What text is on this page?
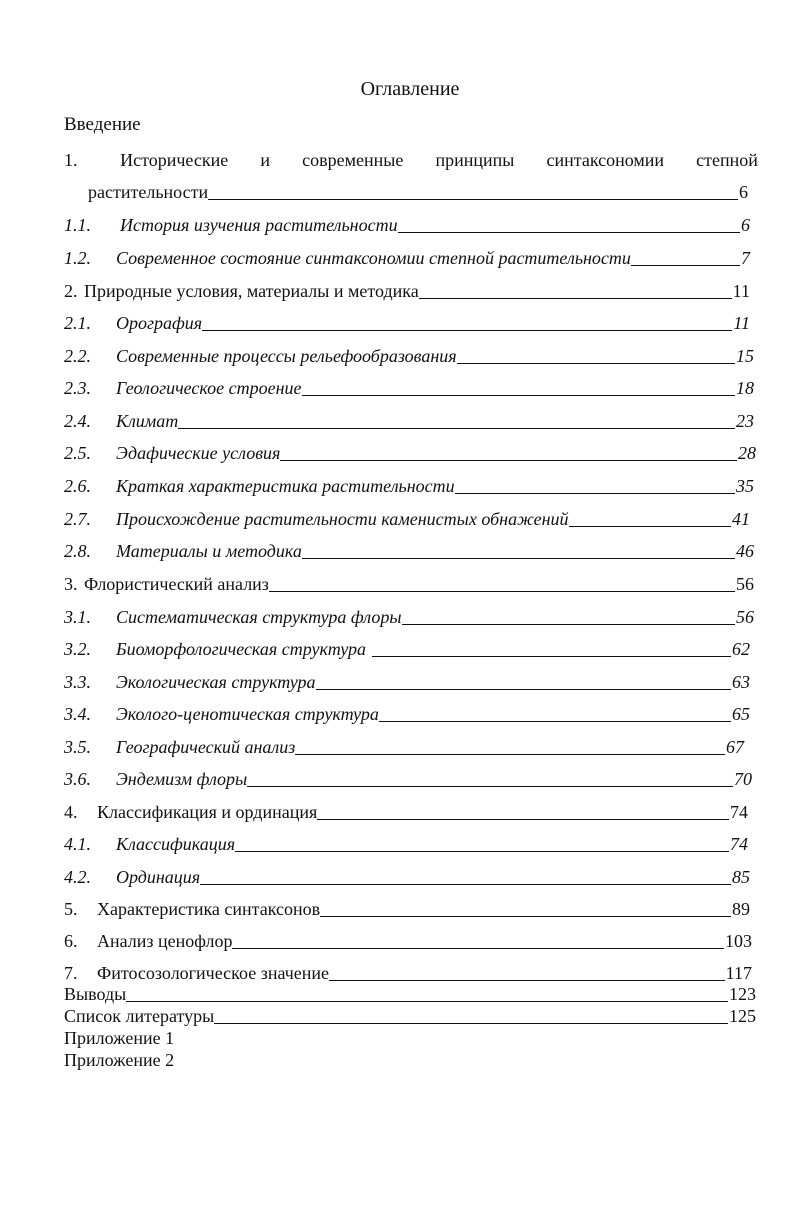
Оглавление
Введение
1. Исторические и современные принципы синтаксономии степной
растительности	6
1.1.	История изучения растительности	6
1.2.	Современное состояние синтаксономии степной растительности	7
2. Природные условия, материалы и методика	11
2.1.	Орография	11
2.2.	Современные процессы рельефообразования	15
2.3.	Геологическое строение	18
2.4.	Климат	23
2.5.	Эдафические условия	28
2.6.	Краткая характеристика растительности	35
2.7.	Происхождение растительности каменистых обнажений	41
2.8.	Материалы и методика	46
3. Флористический анализ	56
3.1.	Систематическая структура флоры	56
3.2.	Биоморфологическая структура	62
3.3.	Экологическая структура	63
3.4.	Эколого-ценотическая структура	65
3.5.	Географический анализ	67
3.6.	Эндемизм флоры	70
4.	Классификация и ординация	74
4.1.	Классификация	74
4.2.	Ординация	85
5.	Характеристика синтаксонов	89
6.	Анализ ценофлор	103
7.	Фитосозологическое значение	117
Выводы	123
Список литературы	125
Приложение 1
Приложение 2
